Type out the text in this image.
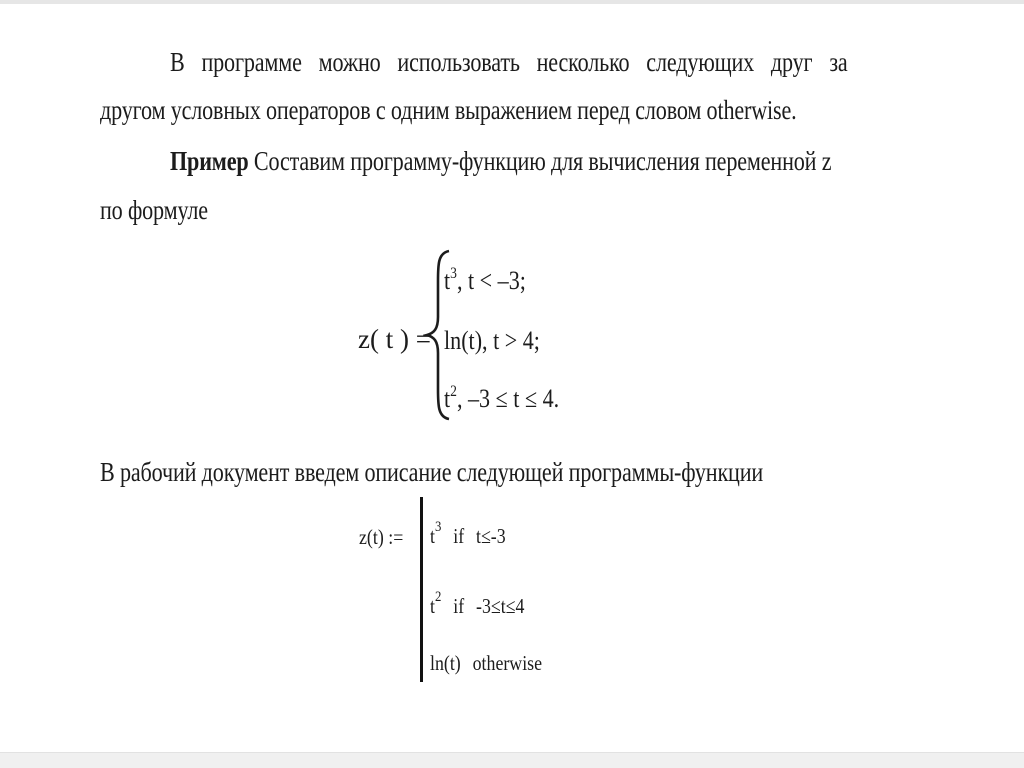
В программе можно использовать несколько следующих друг за
другом условных операторов с одним выражением перед словом otherwise.
Пример Составим программу-функцию для вычисления переменной z
по формуле
z( t ) =
$t^3$, t < –3;
ln(t), t > 4;
$t^2$, –3 ≤ t ≤ 4.
В рабочий документ введем описание следующей программы-функции
z(t) := $t^3$ if t≤-3
$t^2$ if -3≤t≤4
ln(t) otherwise
